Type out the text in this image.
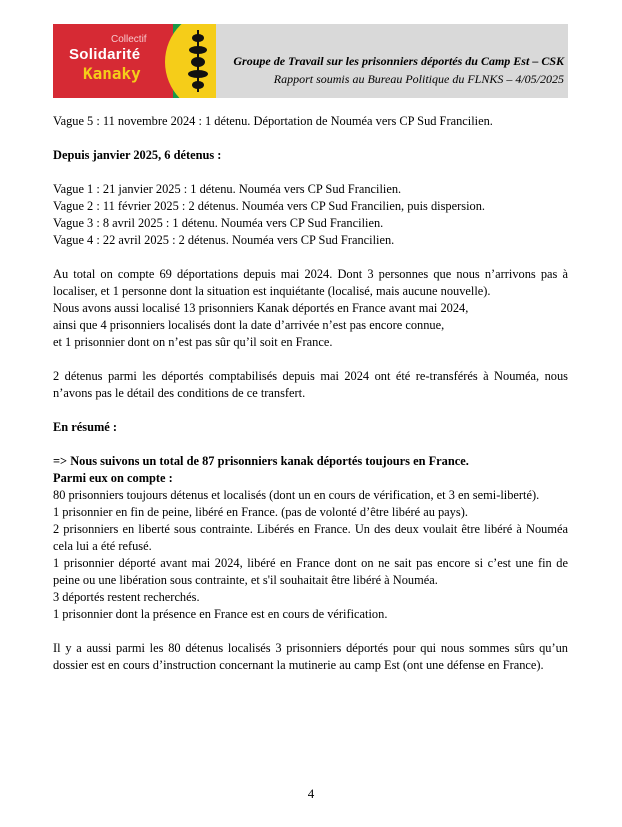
Collectif
Solidarité
Kanaky
Groupe de Travail sur les prisonniers déportés du Camp Est – CSK
Rapport soumis au Bureau Politique du FLNKS – 4/05/2025

Vague 5 : 11 novembre 2024 : 1 détenu. Déportation de Nouméa vers CP Sud Francilien.

Depuis janvier 2025, 6 détenus :

Vague 1 : 21 janvier 2025 : 1 détenu. Nouméa vers CP Sud Francilien.

Vague 2 : 11 février 2025 : 2 détenus. Nouméa vers CP Sud Francilien, puis dispersion.

Vague 3 : 8 avril 2025 : 1 détenu. Nouméa vers CP Sud Francilien.

Vague 4 : 22 avril 2025 : 2 détenus. Nouméa vers CP Sud Francilien.

Au total on compte 69 déportations depuis mai 2024. Dont 3 personnes que nous n’arrivons pas à localiser, et 1 personne dont la situation est inquiétante (localisé, mais aucune nouvelle).

Nous avons aussi localisé 13 prisonniers Kanak déportés en France avant mai 2024,

ainsi que 4 prisonniers localisés dont la date d’arrivée n’est pas encore connue,

et 1 prisonnier dont on n’est pas sûr qu’il soit en France.

2 détenus parmi les déportés comptabilisés depuis mai 2024 ont été re-transférés à Nouméa, nous n’avons pas le détail des conditions de ce transfert.

En résumé :

=> Nous suivons un total de 87 prisonniers kanak déportés toujours en France.

Parmi eux on compte :

80 prisonniers toujours détenus et localisés (dont un en cours de vérification, et 3 en semi-liberté).

1 prisonnier en fin de peine, libéré en France. (pas de volonté d’être libéré au pays).

2 prisonniers en liberté sous contrainte. Libérés en France. Un des deux voulait être libéré à Nouméa cela lui a été refusé.

1 prisonnier déporté avant mai 2024, libéré en France dont on ne sait pas encore si c’est une fin de peine ou une libération sous contrainte, et s'il souhaitait être libéré à Nouméa.

3 déportés restent recherchés.

1 prisonnier dont la présence en France est en cours de vérification.

Il y a aussi parmi les 80 détenus localisés 3 prisonniers déportés pour qui nous sommes sûrs qu’un dossier est en cours d’instruction concernant la mutinerie au camp Est (ont une défense en France).

4
